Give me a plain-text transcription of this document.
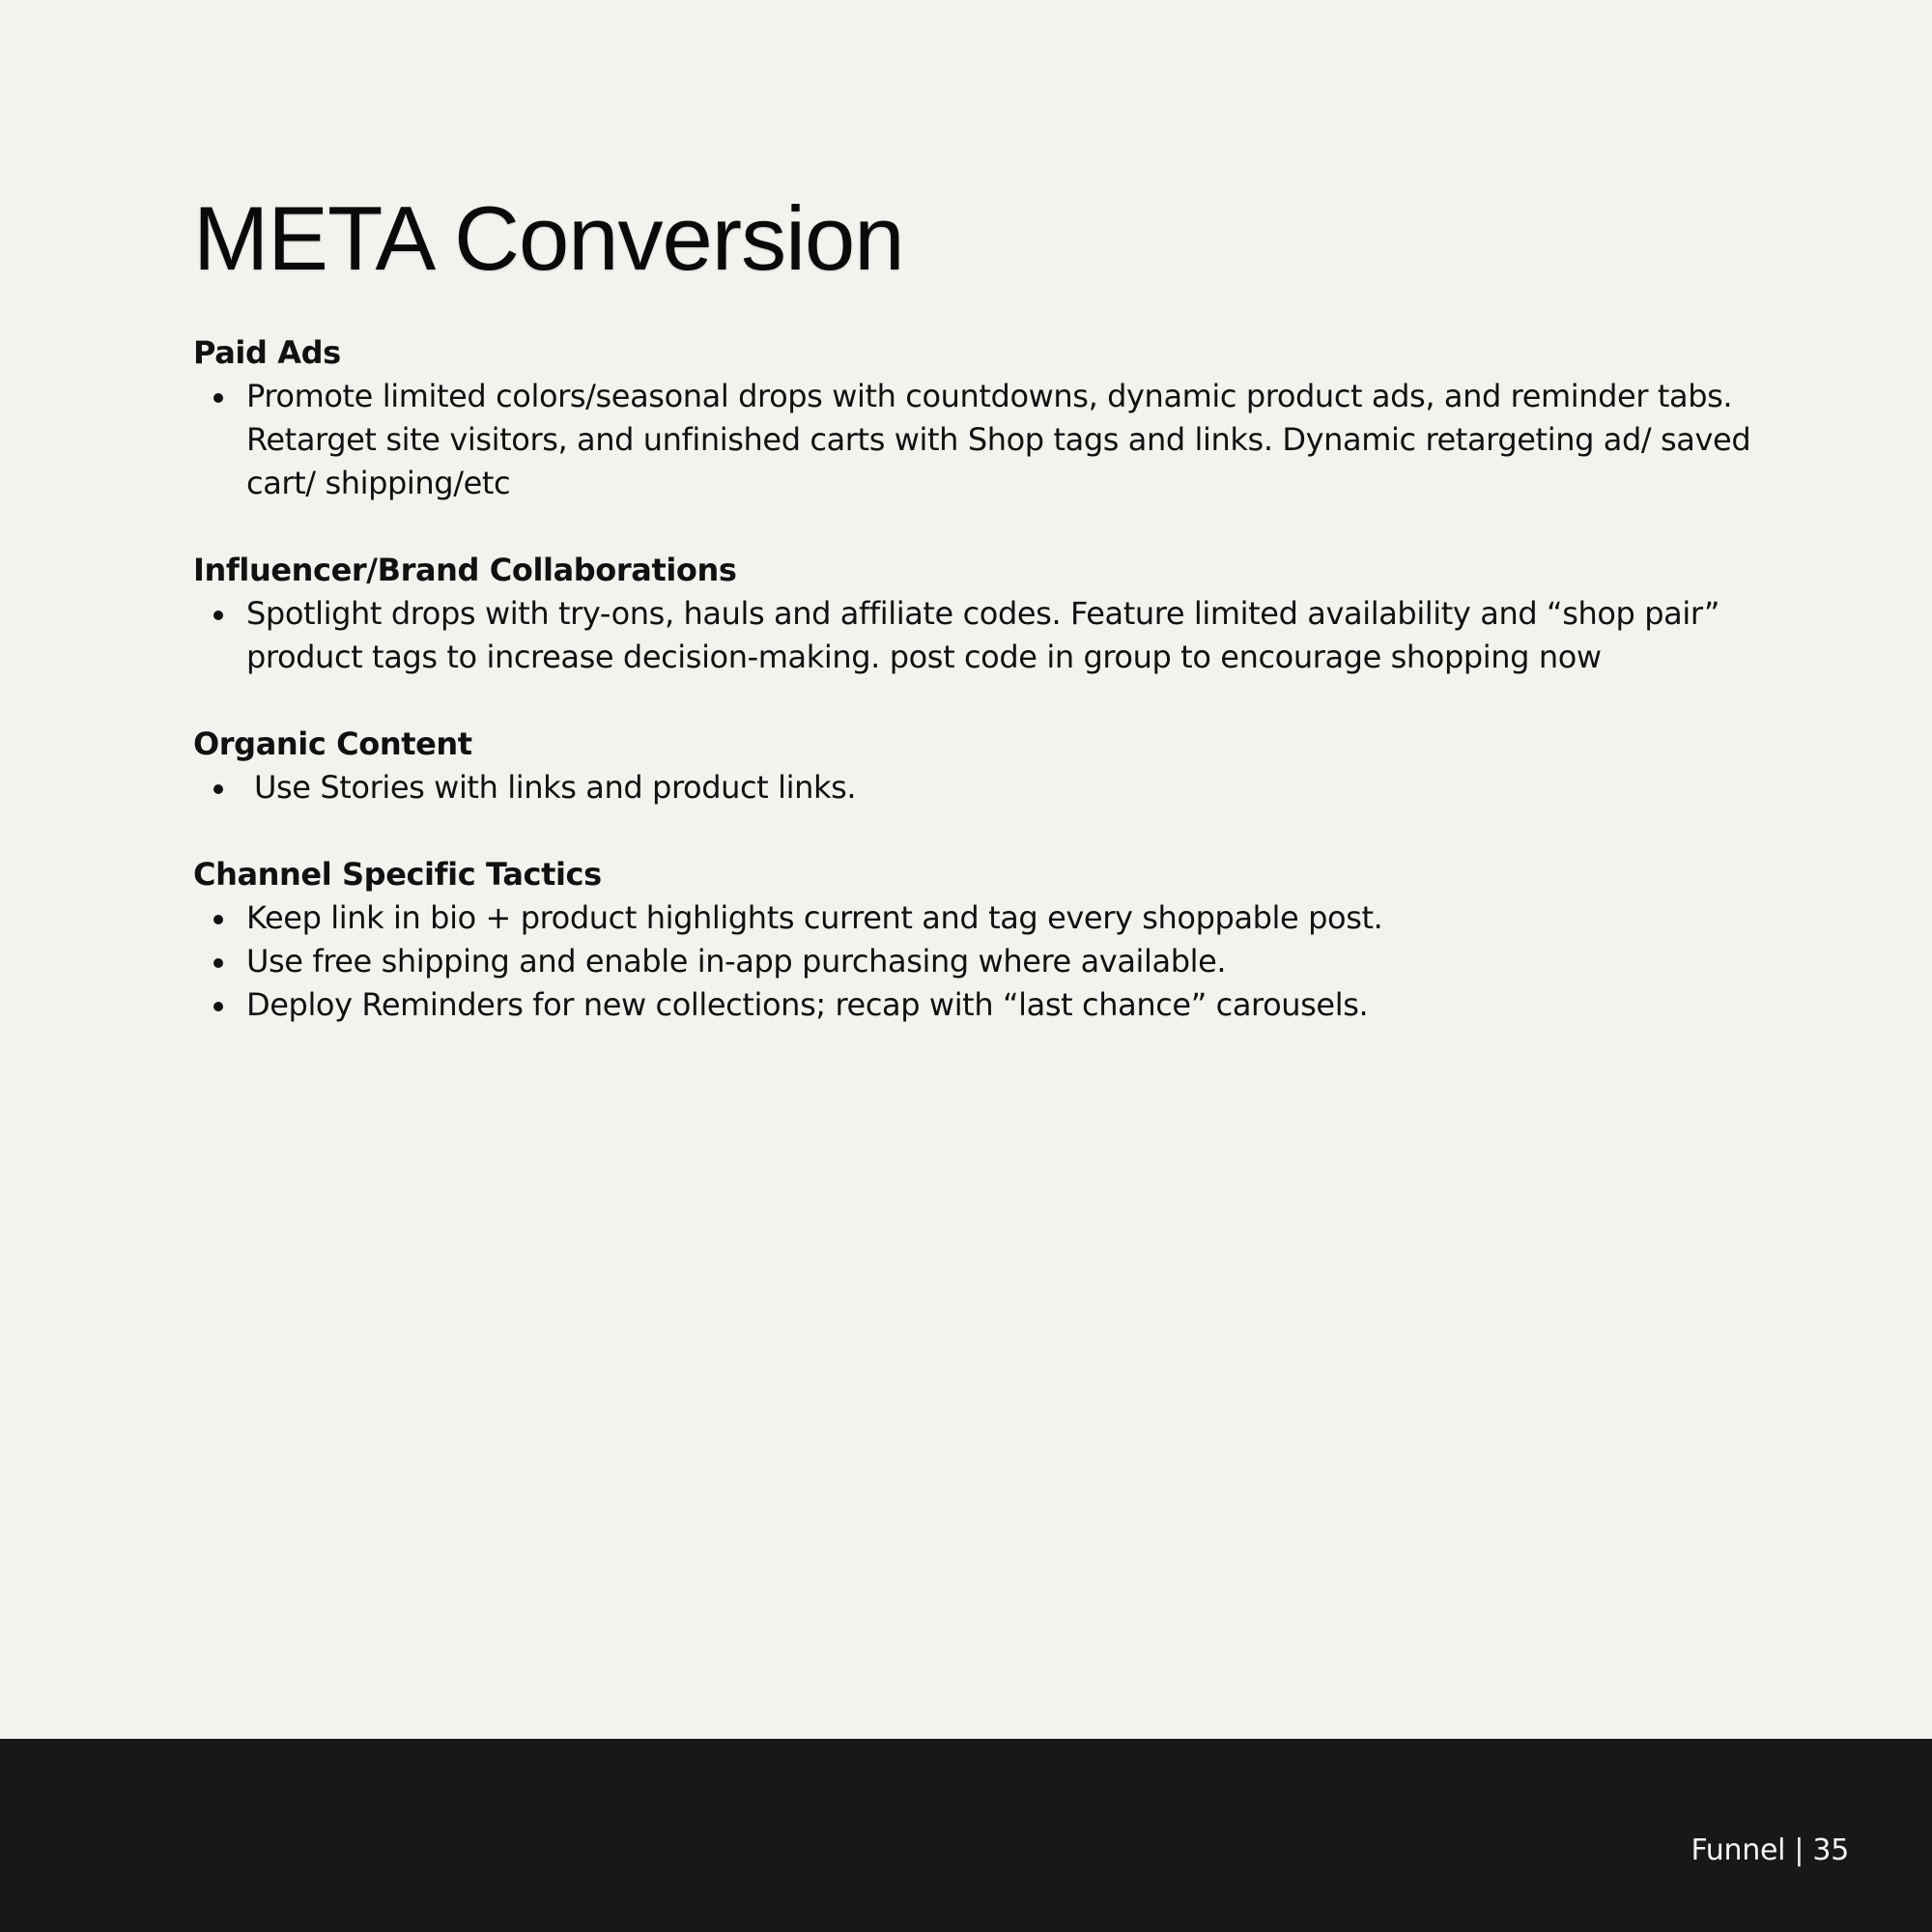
META Conversion
Paid Ads
Promote limited colors/seasonal drops with countdowns, dynamic product ads, and reminder tabs. Retarget site visitors, and unfinished carts with Shop tags and links. Dynamic retargeting ad/ saved cart/ shipping/etc
Influencer/Brand Collaborations
Spotlight drops with try-ons, hauls and affiliate codes. Feature limited availability and “shop pair” product tags to increase decision-making. post code in group to encourage shopping now
Organic Content
Use Stories with links and product links.
Channel Specific Tactics
Keep link in bio + product highlights current and tag every shoppable post.
Use free shipping and enable in-app purchasing where available.
Deploy Reminders for new collections; recap with “last chance” carousels.
Funnel | 35
